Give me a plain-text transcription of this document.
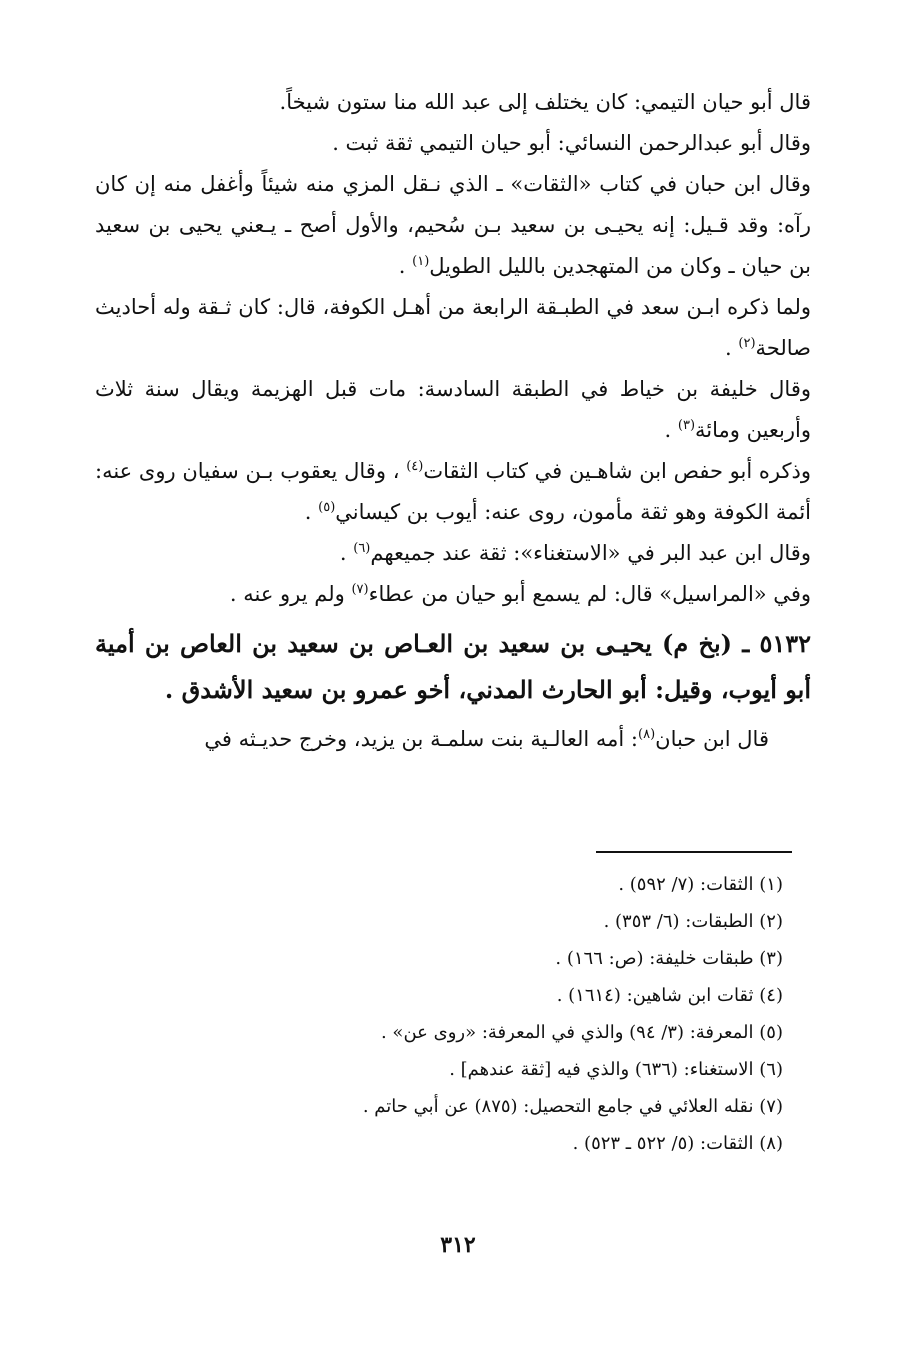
قال أبو حيان التيمي: كان يختلف إلى عبد الله منا ستون شيخاً.

وقال أبو عبدالرحمن النسائي: أبو حيان التيمي ثقة ثبت .

وقال ابن حبان في كتاب «الثقات» ـ الذي نـقل المزي منه شيئاً وأغفل منه إن كان رآه: وقد قـيل: إنه يحيـى بن سعيد بـن سُحيم، والأول أصح ـ يـعني يحيى بن سعيد بن حيان ـ وكان من المتهجدين بالليل الطويل$^{(١)}$ .

ولما ذكره ابـن سعد في الطبـقة الرابعة من أهـل الكوفة، قال: كان ثـقة وله أحاديث صالحة$^{(٢)}$ .

وقال خليفة بن خياط في الطبقة السادسة: مات قبل الهزيمة ويقال سنة ثلاث وأربعين ومائة$^{(٣)}$ .

وذكره أبو حفص ابن شاهـين في كتاب الثقات$^{(٤)}$ ، وقال يعقوب بـن سفيان روى عنه: أئمة الكوفة وهو ثقة مأمون، روى عنه: أيوب بن كيساني$^{(٥)}$ .

وقال ابن عبد البر في «الاستغناء»: ثقة عند جميعهم$^{(٦)}$ .

وفي «المراسيل» قال: لم يسمع أبو حيان من عطاء$^{(٧)}$ ولم يرو عنه .

٥١٣٢ ـ (بخ م) يحيـى بن سعيد بن العـاص بن سعيد بن العاص بن أمية أبو أيوب، وقيل: أبو الحارث المدني، أخو عمرو بن سعيد الأشدق .

قال ابن حبان$^{(٨)}$: أمه العالـية بنت سلمـة بن يزيد، وخرج حديـثه في

(١) الثقات: (٧/ ٥٩٢) .

(٢) الطبقات: (٦/ ٣٥٣) .

(٣) طبقات خليفة: (ص: ١٦٦) .

(٤) ثقات ابن شاهين: (١٦١٤) .

(٥) المعرفة: (٣/ ٩٤) والذي في المعرفة: «روى عن» .

(٦) الاستغناء: (٦٣٦) والذي فيه [ثقة عندهم] .

(٧) نقله العلائي في جامع التحصيل: (٨٧٥) عن أبي حاتم .

(٨) الثقات: (٥/ ٥٢٢ ـ ٥٢٣) .

٣١٢
